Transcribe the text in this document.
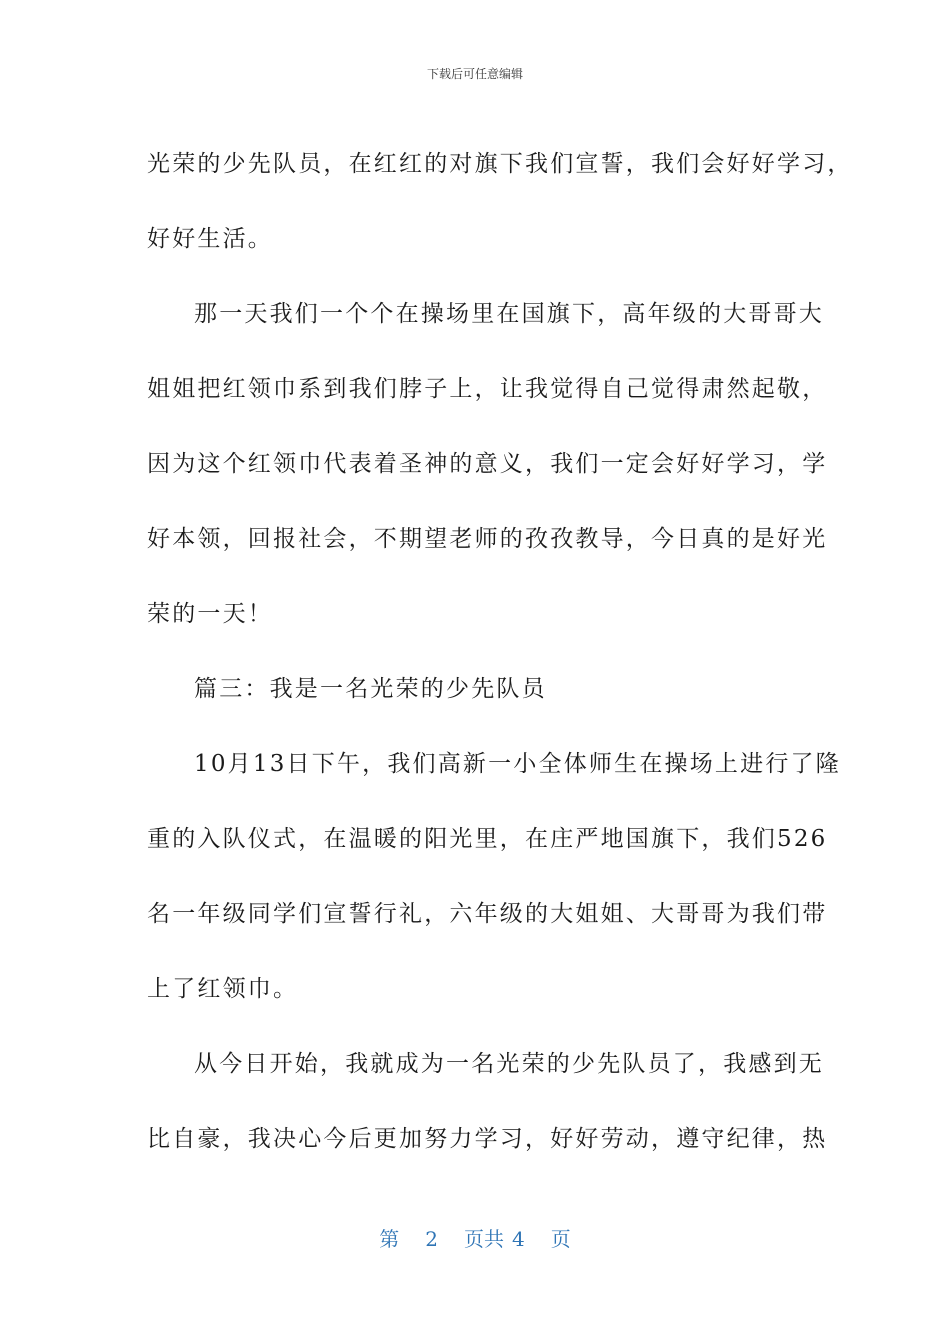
下载后可任意编辑
光荣的少先队员，在红红的对旗下我们宣誓，我们会好好学习，
好好生活。
那一天我们一个个在操场里在国旗下，高年级的大哥哥大
姐姐把红领巾系到我们脖子上，让我觉得自己觉得肃然起敬，
因为这个红领巾代表着圣神的意义，我们一定会好好学习，学
好本领，回报社会，不期望老师的孜孜教导，今日真的是好光
荣的一天！
篇三：我是一名光荣的少先队员
10月13日下午，我们高新一小全体师生在操场上进行了隆
重的入队仪式，在温暖的阳光里，在庄严地国旗下，我们526
名一年级同学们宣誓行礼，六年级的大姐姐、大哥哥为我们带
上了红领巾。
从今日开始，我就成为一名光荣的少先队员了，我感到无
比自豪，我决心今后更加努力学习，好好劳动，遵守纪律，热
第 2 页共 4 页
